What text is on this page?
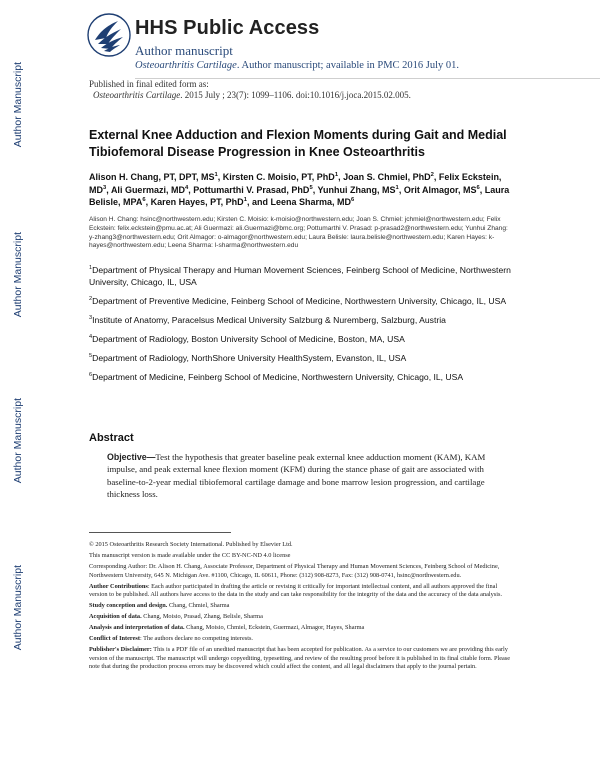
Author Manuscript
Author Manuscript
Author Manuscript
Author Manuscript
HHS Public Access
Author manuscript
Osteoarthritis Cartilage. Author manuscript; available in PMC 2016 July 01.
Published in final edited form as:
Osteoarthritis Cartilage. 2015 July ; 23(7): 1099–1106. doi:10.1016/j.joca.2015.02.005.
External Knee Adduction and Flexion Moments during Gait and Medial Tibiofemoral Disease Progression in Knee Osteoarthritis
Alison H. Chang, PT, DPT, $MS^1$, Kirsten C. Moisio, PT, PhD$^1$, Joan S. Chmiel, PhD$^2$, Felix Eckstein, $MD^3$, Ali Guermazi, $MD^4$, Pottumarthi V. Prasad, PhD$^5$, Yunhui Zhang, $MS^1$, Orit Almagor, $MS^6$, Laura Belisle, MPA$^6$, Karen Hayes, PT, PhD$^1$, and Leena Sharma, $MD^6$
Alison H. Chang: hsinc@northwestern.edu; Kirsten C. Moisio: k-moisio@northwestern.edu; Joan S. Chmiel: jchmiel@northwestern.edu; Felix Eckstein: felix.eckstein@pmu.ac.at; Ali Guermazi: ali.Guermazi@bmc.org; Pottumarthi V. Prasad: p-prasad2@northwestern.edu; Yunhui Zhang: y-zhang3@northwestern.edu; Orit Almagor: o-almagor@northwestern.edu; Laura Belisle: laura.belisle@northwestern.edu; Karen Hayes: k-hayes@northwestern.edu; Leena Sharma: l-sharma@northwestern.edu
$^1$Department of Physical Therapy and Human Movement Sciences, Feinberg School of Medicine, Northwestern University, Chicago, IL, USA
$^2$Department of Preventive Medicine, Feinberg School of Medicine, Northwestern University, Chicago, IL, USA
$^3$Institute of Anatomy, Paracelsus Medical University Salzburg & Nuremberg, Salzburg, Austria
$^4$Department of Radiology, Boston University School of Medicine, Boston, MA, USA
$^5$Department of Radiology, NorthShore University HealthSystem, Evanston, IL, USA
$^6$Department of Medicine, Feinberg School of Medicine, Northwestern University, Chicago, IL, USA
Abstract
Objective—Test the hypothesis that greater baseline peak external knee adduction moment (KAM), KAM impulse, and peak external knee flexion moment (KFM) during the stance phase of gait are associated with baseline-to-2-year medial tibiofemoral cartilage damage and bone marrow lesion progression, and cartilage thickness loss.

© 2015 Osteoarthritis Research Society International. Published by Elsevier Ltd.

This manuscript version is made available under the CC BY-NC-ND 4.0 license

Corresponding Author: Dr. Alison H. Chang, Associate Professor, Department of Physical Therapy and Human Movement Sciences, Feinberg School of Medicine, Northwestern University, 645 N. Michigan Ave. #1100, Chicago, IL 60611, Phone: (312) 908-8273, Fax: (312) 908-0741, hsinc@northwestern.edu.

Author Contributions: Each author participated in drafting the article or revising it critically for important intellectual content, and all authors approved the final version to be published. All authors have access to the data in the study and can take responsibility for the integrity of the data and the accuracy of the data analysis.

Study conception and design. Chang, Chmiel, Sharma

Acquisition of data. Chang, Moisio, Prasad, Zhang, Belisle, Sharma

Analysis and interpretation of data. Chang, Moisio, Chmiel, Eckstein, Guermazi, Almagor, Hayes, Sharma

Conflict of Interest: The authors declare no competing interests.

Publisher's Disclaimer: This is a PDF file of an unedited manuscript that has been accepted for publication. As a service to our customers we are providing this early version of the manuscript. The manuscript will undergo copyediting, typesetting, and review of the resulting proof before it is published in its final citable form. Please note that during the production process errors may be discovered which could affect the content, and all legal disclaimers that apply to the journal pertain.
